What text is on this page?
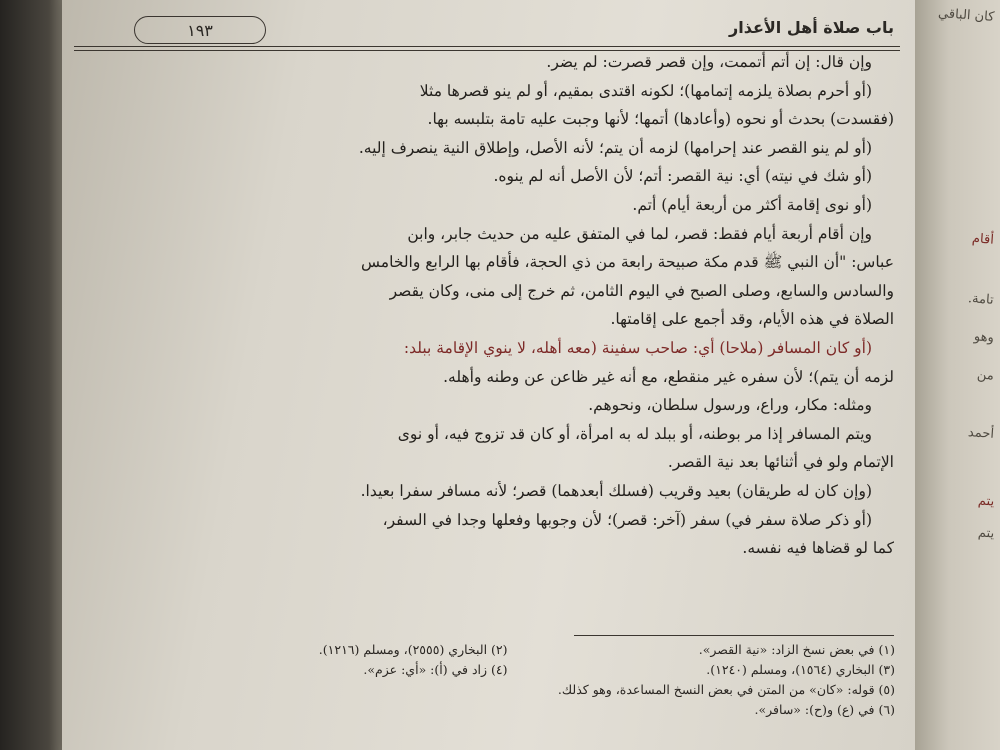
كان الباقي
أقام
تامة.
وهو
من
أحمد
يتم
يتم
باب صلاة أهل الأعذار
١٩٣
وإن قال: إن أتم أتممت، وإن قصر قصرت: لم يضر.
(أو أحرم بصلاة يلزمه إتمامها)؛ لكونه اقتدى بمقيم، أو لم ينو قصرها مثلا
(فقسدت) بحدث أو نحوه (وأعادها) أتمها؛ لأنها وجبت عليه تامة بتلبسه بها.
(أو لم ينو القصر عند إحرامها) لزمه أن يتم؛ لأنه الأصل، وإطلاق النية ينصرف إليه.
(أو شك في نيته) أي: نية القصر: أتم؛ لأن الأصل أنه لم ينوه.
(أو نوى إقامة أكثر من أربعة أيام) أتم.
وإن أقام أربعة أيام فقط: قصر، لما في المتفق عليه من حديث جابر، وابن
عباس: "أن النبي ﷺ قدم مكة صبيحة رابعة من ذي الحجة، فأقام بها الرابع والخامس
والسادس والسابع، وصلى الصبح في اليوم الثامن، ثم خرج إلى منى، وكان يقصر
الصلاة في هذه الأيام، وقد أجمع على إقامتها.
(أو كان المسافر (ملاحا) أي: صاحب سفينة (معه أهله، لا ينوي الإقامة ببلد:
لزمه أن يتم)؛ لأن سفره غير منقطع، مع أنه غير ظاعن عن وطنه وأهله.
ومثله: مكار، وراع، ورسول سلطان، ونحوهم.
ويتم المسافر إذا مر بوطنه، أو ببلد له به امرأة، أو كان قد تزوج فيه، أو نوى
الإتمام ولو في أثنائها بعد نية القصر.
(وإن كان له طريقان) بعيد وقريب (فسلك أبعدهما) قصر؛ لأنه مسافر سفرا بعيدا.
(أو ذكر صلاة سفر في) سفر (آخر: قصر)؛ لأن وجوبها وفعلها وجدا في السفر،
كما لو قضاها فيه نفسه.
(١) في بعض نسخ الزاد: «نية القصر».
(٢) البخاري (٢٥٥٥)، ومسلم (١٢١٦).
(٣) البخاري (١٥٦٤)، ومسلم (١٢٤٠).
(٤) زاد في (أ): «أي: عزم».
(٥) قوله: «كان» من المتن في بعض النسخ المساعدة، وهو كذلك.
(٦) في (ع) و(ح): «سافر».
